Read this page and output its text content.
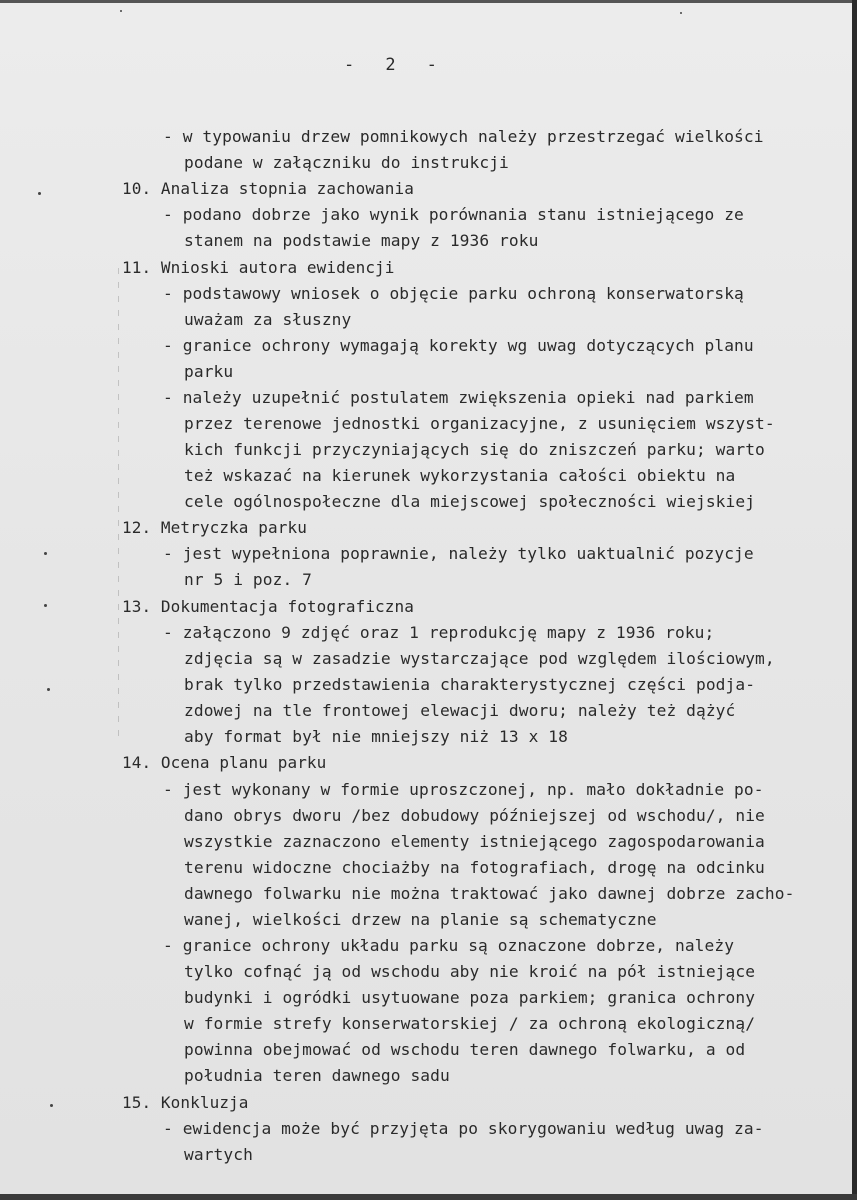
-   2   -
- w typowaniu drzew pomnikowych należy przestrzegać wielkości
podane w załączniku do instrukcji
10. Analiza stopnia zachowania
- podano dobrze jako wynik porównania stanu istniejącego ze
stanem na podstawie mapy z 1936 roku
11. Wnioski autora ewidencji
- podstawowy wniosek o objęcie parku ochroną konserwatorską
uważam za słuszny
- granice ochrony wymagają korekty wg uwag dotyczących planu
parku
- należy uzupełnić postulatem zwiększenia opieki nad parkiem
przez terenowe jednostki organizacyjne, z usunięciem wszyst-
kich funkcji przyczyniających się do zniszczeń parku; warto
też wskazać na kierunek wykorzystania całości obiektu na
cele ogólnospołeczne dla miejscowej społeczności wiejskiej
12. Metryczka parku
- jest wypełniona poprawnie, należy tylko uaktualnić pozycje
nr 5 i poz. 7
13. Dokumentacja fotograficzna
- załączono 9 zdjęć oraz 1 reprodukcję mapy z 1936 roku;
zdjęcia są w zasadzie wystarczające pod względem ilościowym,
brak tylko przedstawienia charakterystycznej części podja-
zdowej na tle frontowej elewacji dworu; należy też dążyć
aby format był nie mniejszy niż 13 x 18
14. Ocena planu parku
- jest wykonany w formie uproszczonej, np. mało dokładnie po-
dano obrys dworu /bez dobudowy późniejszej od wschodu/, nie
wszystkie zaznaczono elementy istniejącego zagospodarowania
terenu widoczne chociażby na fotografiach, drogę na odcinku
dawnego folwarku nie można traktować jako dawnej dobrze zacho-
wanej, wielkości drzew na planie są schematyczne
- granice ochrony układu parku są oznaczone dobrze, należy
tylko cofnąć ją od wschodu aby nie kroić na pół istniejące
budynki i ogródki usytuowane poza parkiem; granica ochrony
w formie strefy konserwatorskiej / za ochroną ekologiczną/
powinna obejmować od wschodu teren dawnego folwarku, a od
południa teren dawnego sadu
15. Konkluzja
- ewidencja może być przyjęta po skorygowaniu według uwag za-
wartych
